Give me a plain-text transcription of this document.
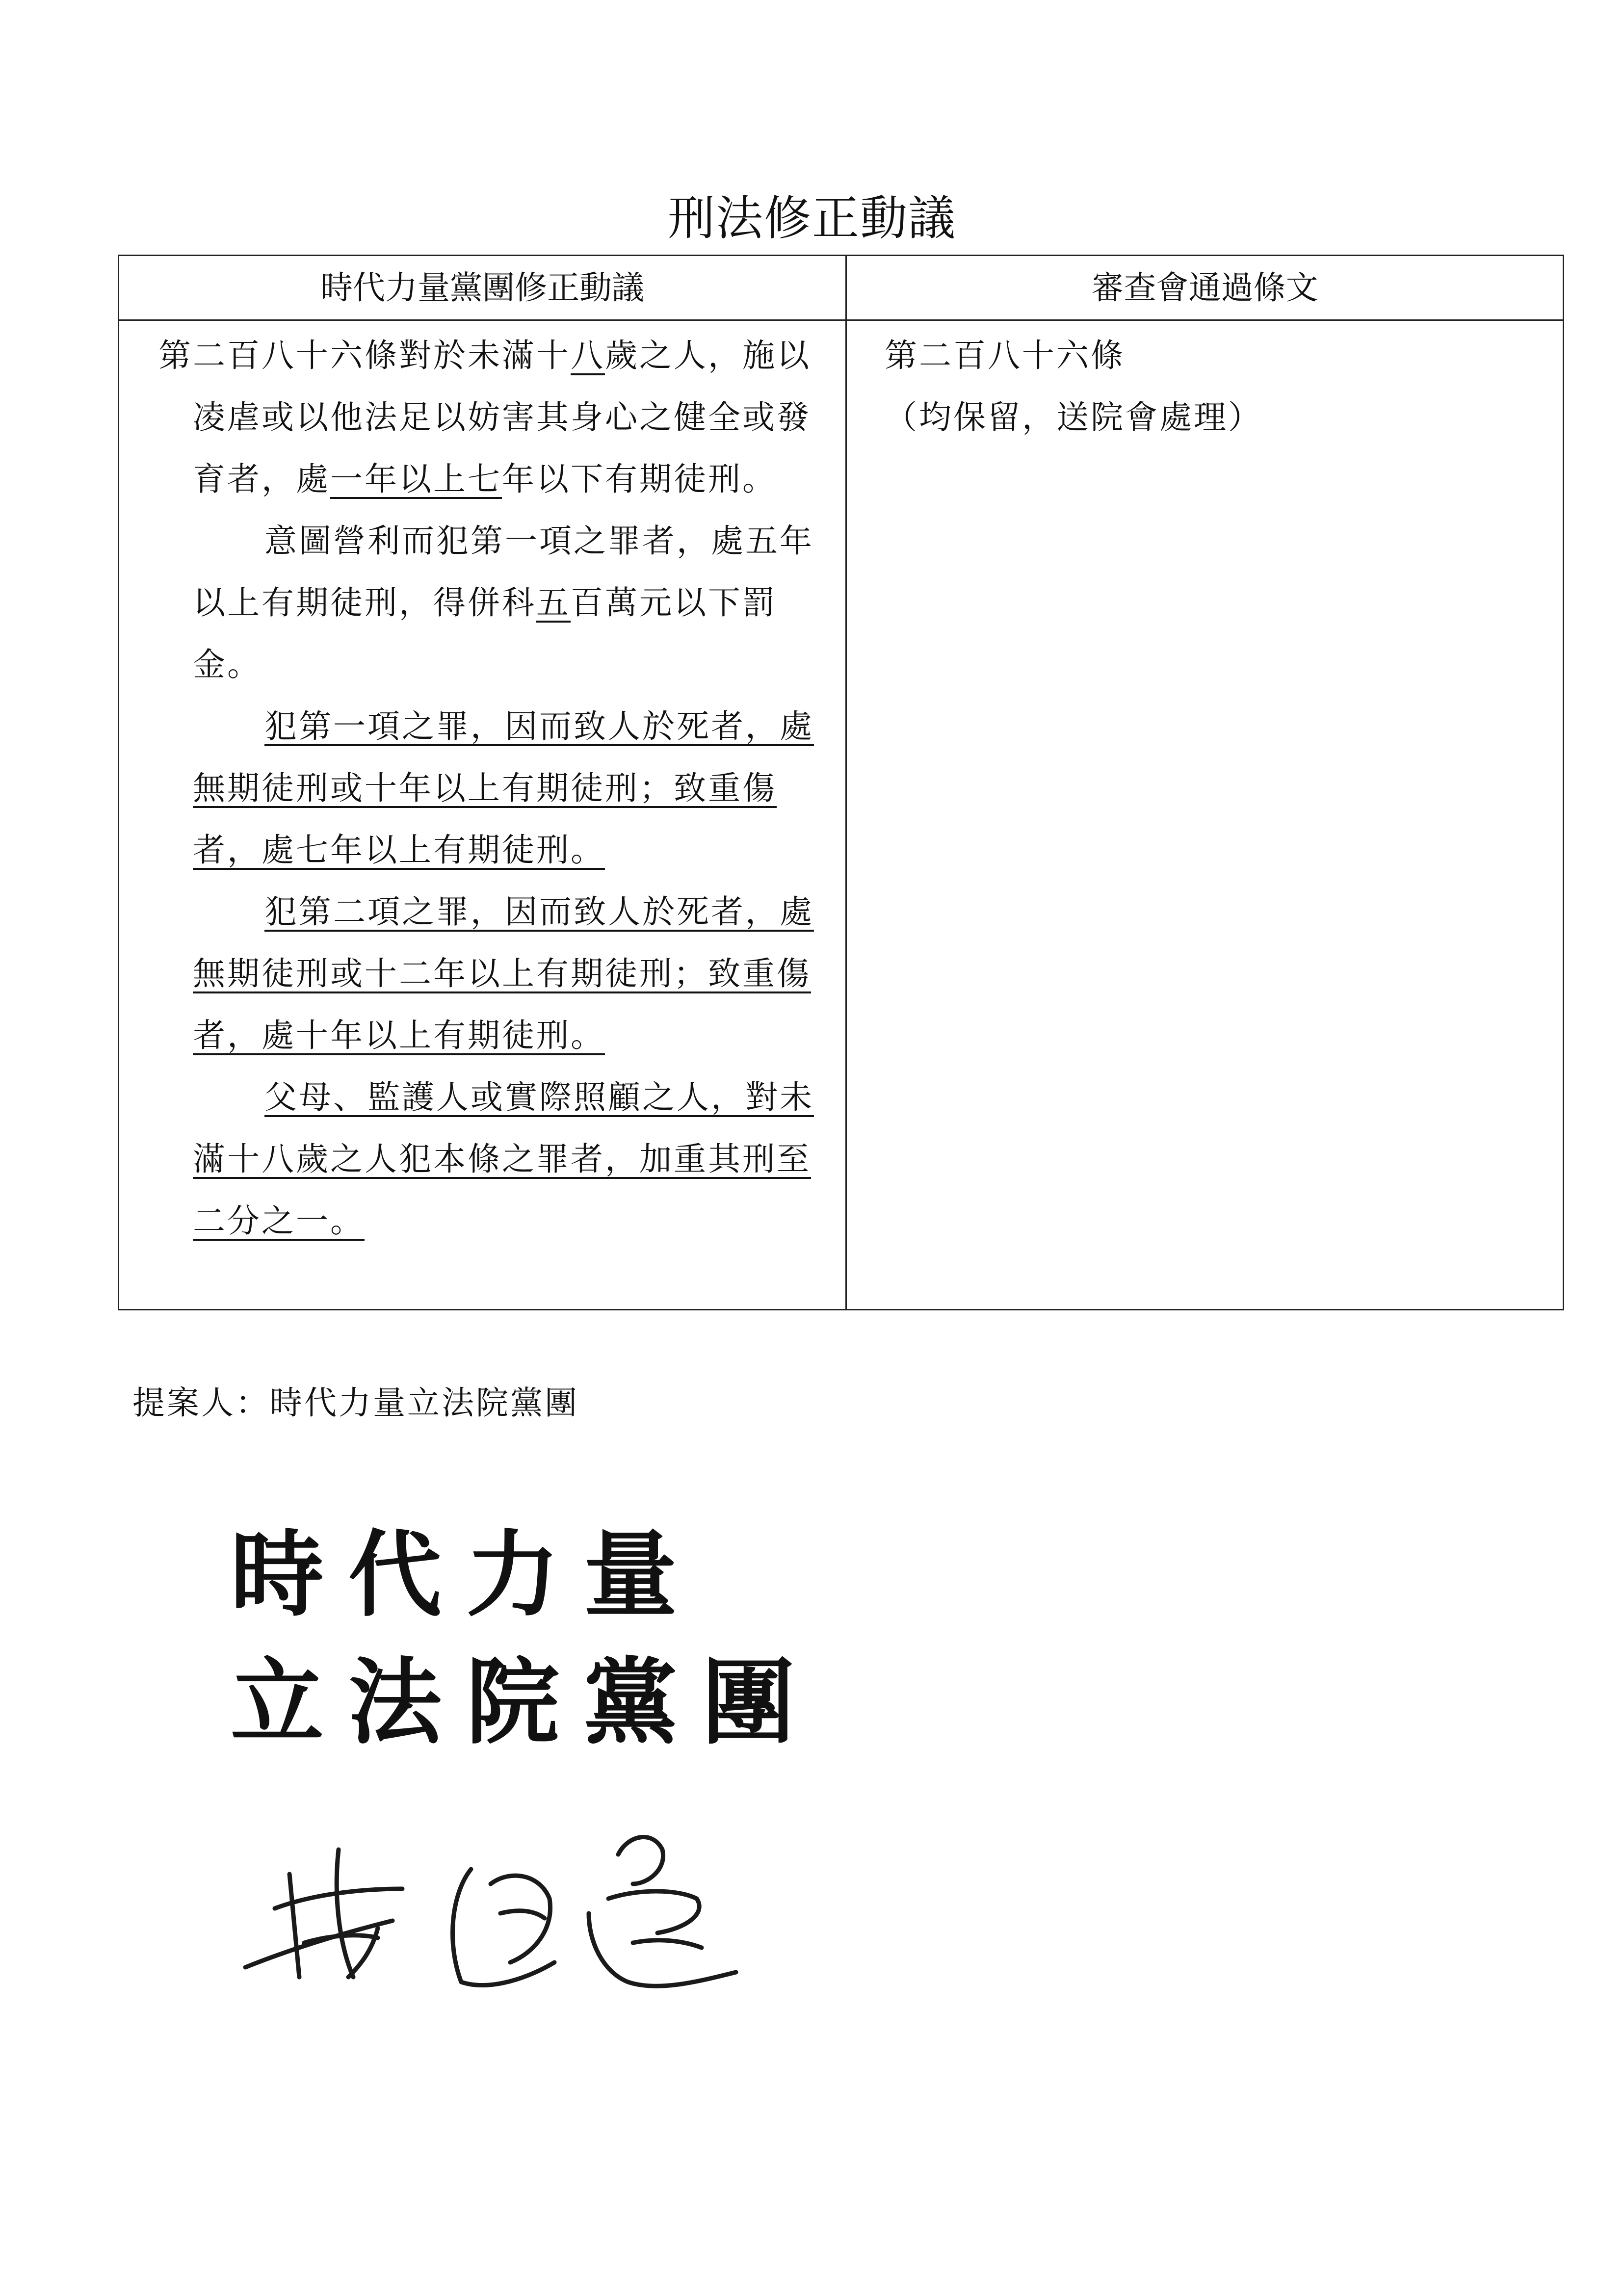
刑法修正動議
時代力量黨團修正動議	審查會通過條文

第二百八十六條對於未滿十八歲之人，施以凌虐或以他法足以妨害其身心之健全或發育者，處一年以上七年以下有期徒刑。

意圖營利而犯第一項之罪者，處五年以上有期徒刑，得併科五百萬元以下罰金。

犯第一項之罪，因而致人於死者，處無期徒刑或十年以上有期徒刑；致重傷者，處七年以上有期徒刑。

犯第二項之罪，因而致人於死者，處無期徒刑或十二年以上有期徒刑；致重傷者，處十年以上有期徒刑。

父母、監護人或實際照顧之人，對未滿十八歲之人犯本條之罪者，加重其刑至二分之一。

第二百八十六條

（均保留，送院會處理）

提案人：時代力量立法院黨團
時代力量
立法院黨團
